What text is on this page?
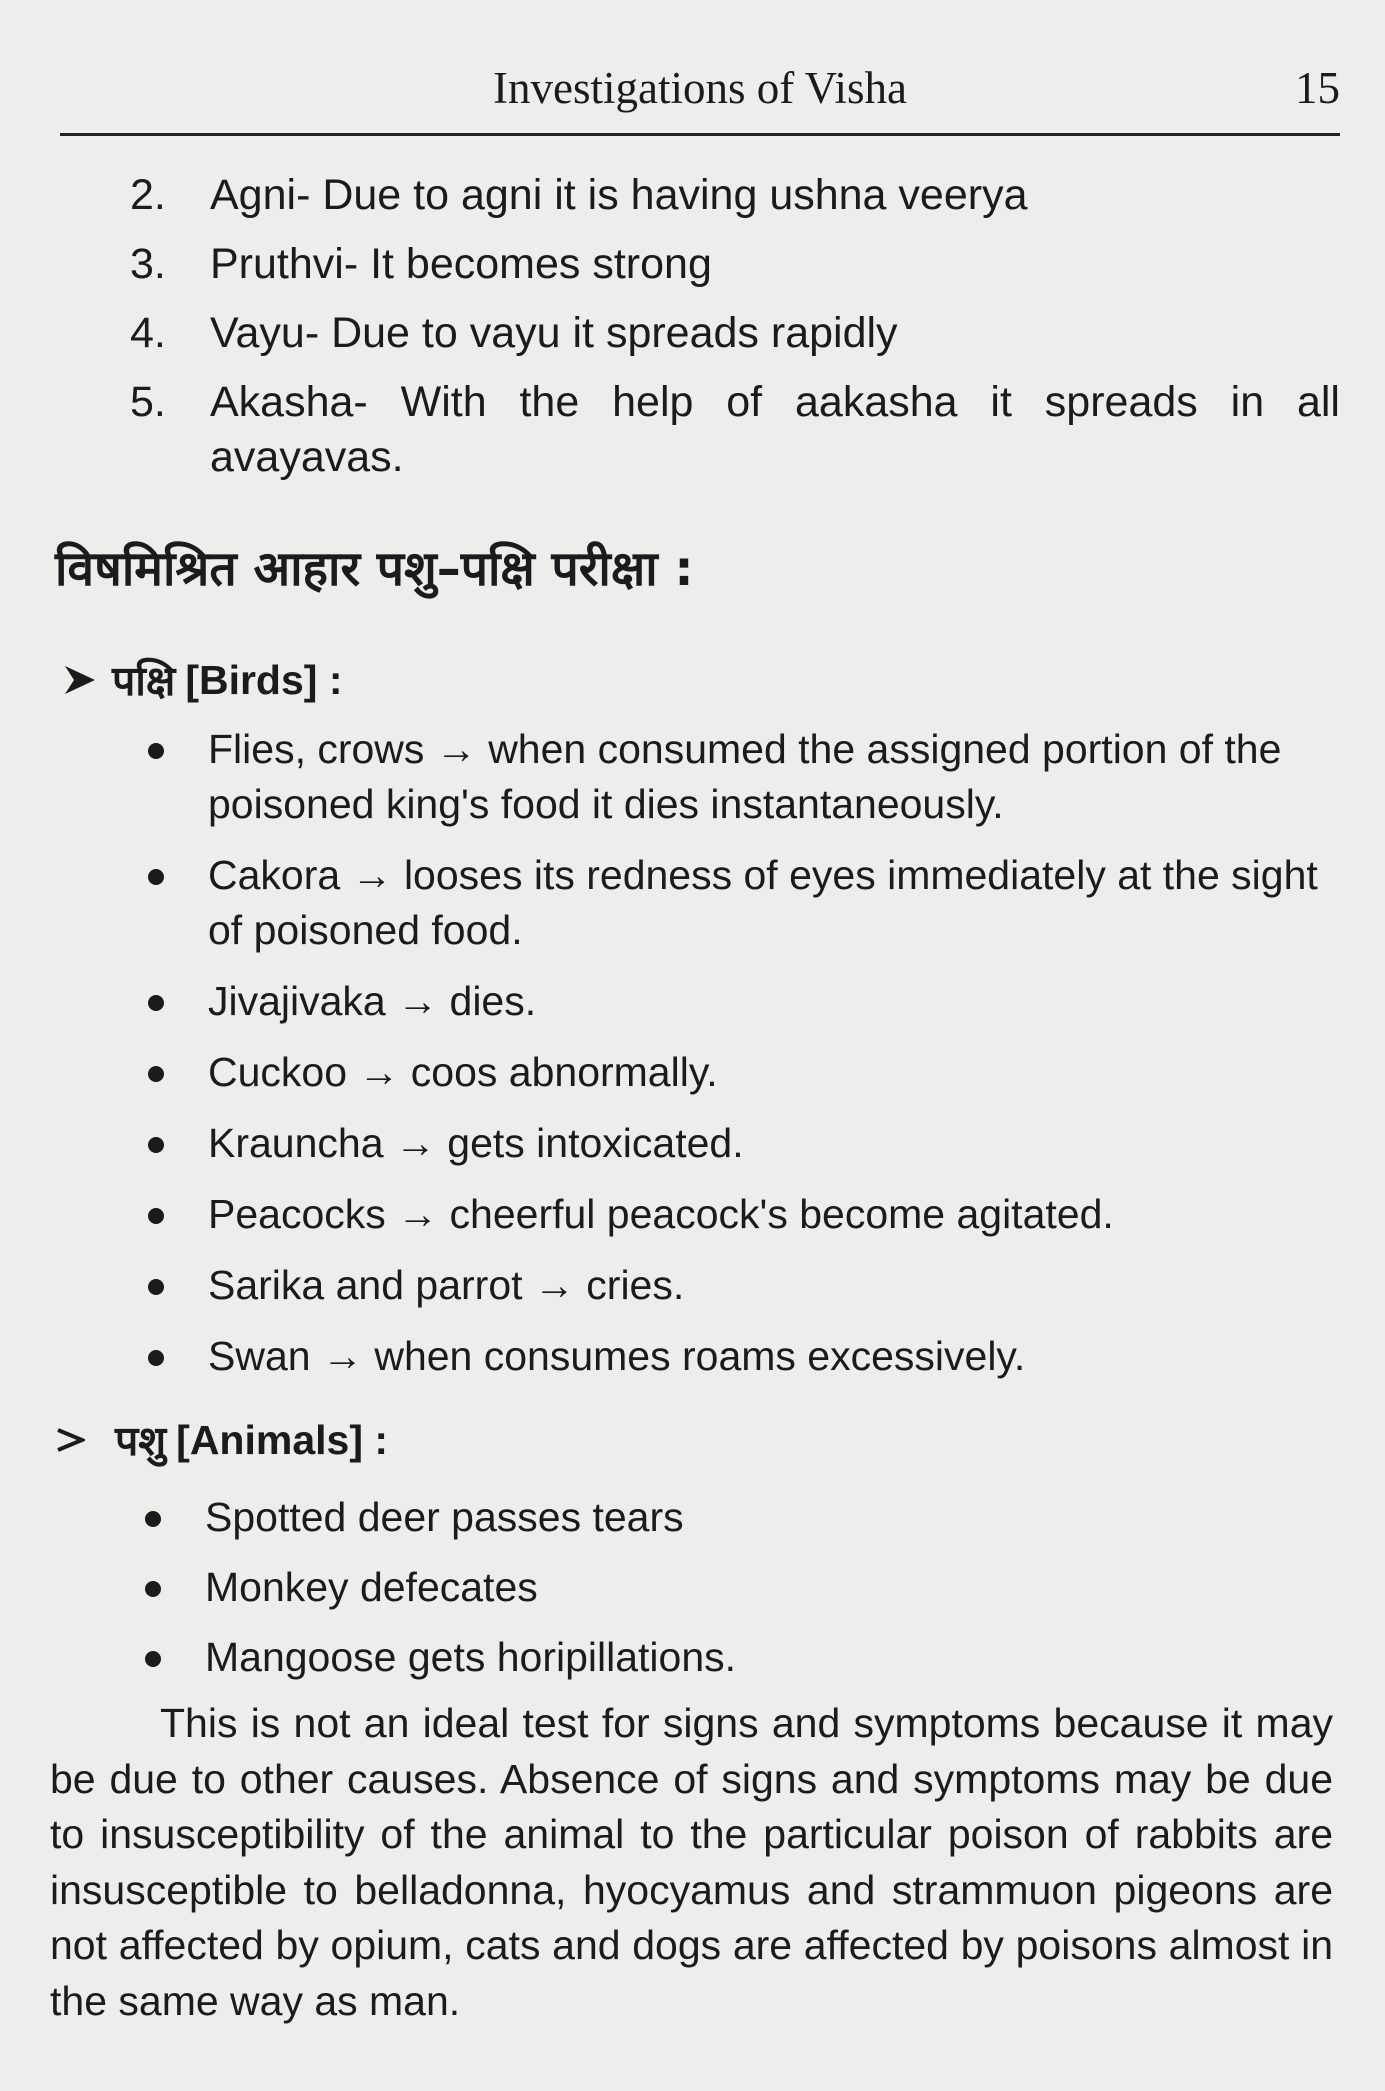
Investigations of Visha	15
2.	Agni- Due to agni it is having ushna veerya
3.	Pruthvi- It becomes strong
4.	Vayu- Due to vayu it spreads rapidly
5.	Akasha- With the help of aakasha it spreads in all avayavas.
विषमिश्रित आहार पशु–पक्षि परीक्षा :
पक्षि [Birds] :
Flies, crows → when consumed the assigned portion of the poisoned king's food it dies instantaneously.
Cakora → looses its redness of eyes immediately at the sight of poisoned food.
Jivajivaka → dies.
Cuckoo → coos abnormally.
Krauncha → gets intoxicated.
Peacocks → cheerful peacock's become agitated.
Sarika and parrot → cries.
Swan → when consumes roams excessively.
पशु [Animals] :
Spotted deer passes tears
Monkey defecates
Mangoose gets horipillations.
This is not an ideal test for signs and symptoms because it may be due to other causes. Absence of signs and symptoms may be due to insusceptibility of the animal to the particular poison of rabbits are insusceptible to belladonna, hyocyamus and strammuon pigeons are not affected by opium, cats and dogs are affected by poisons almost in the same way as man.
